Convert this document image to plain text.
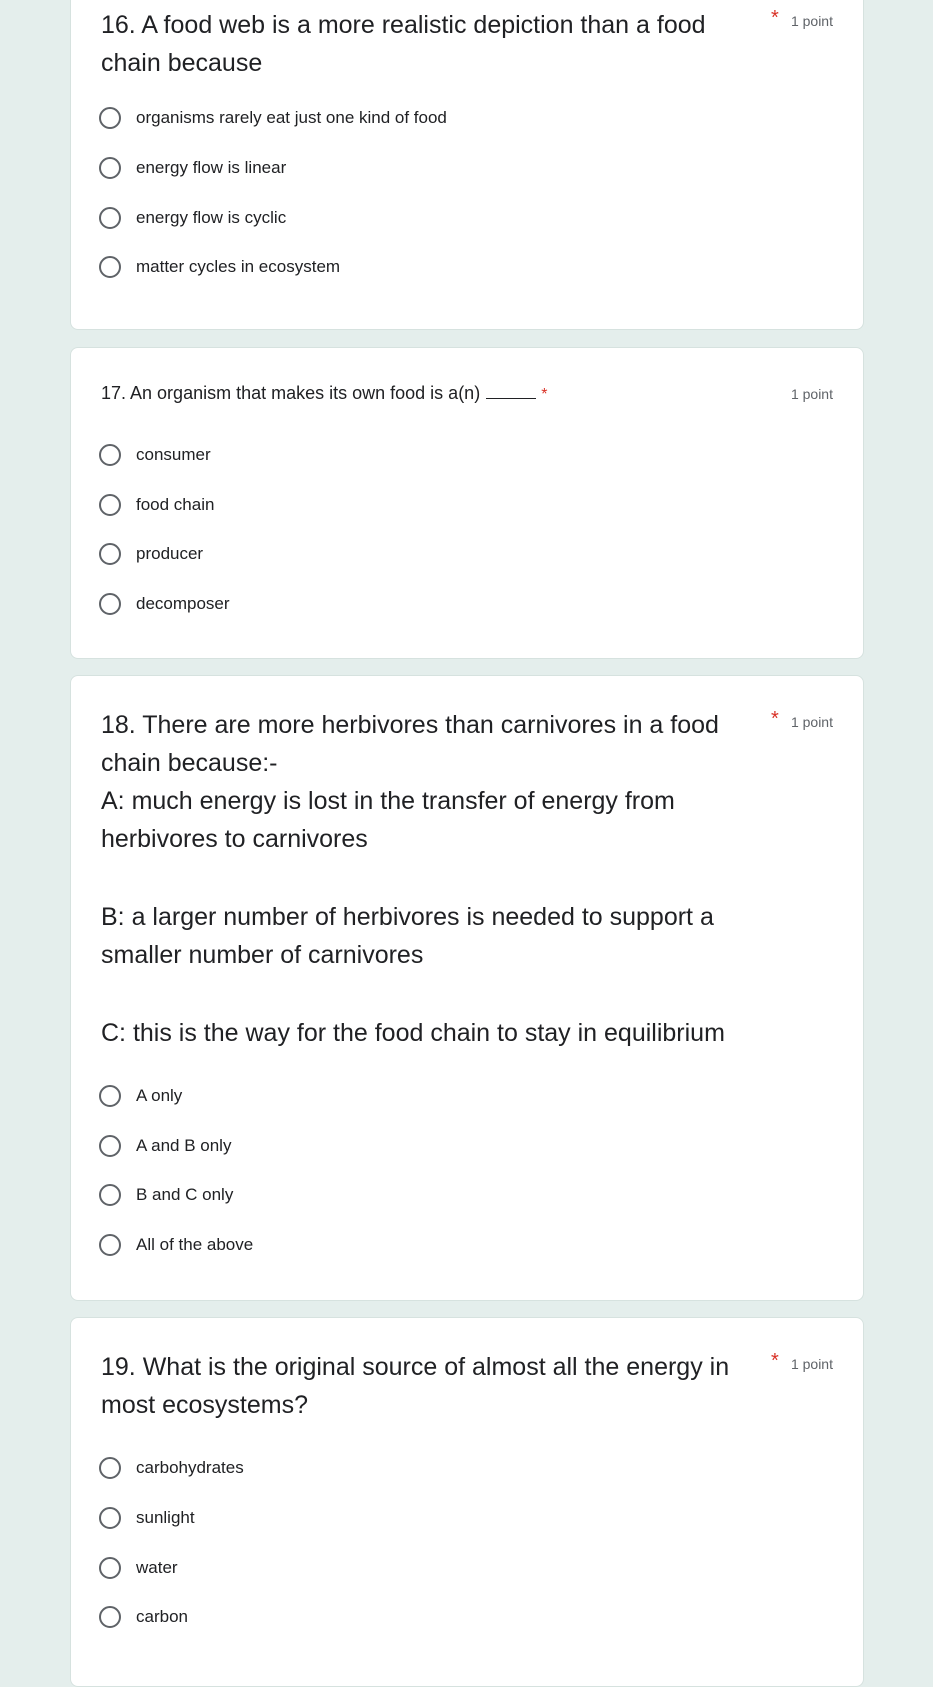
16. A food web is a more realistic depiction than a food
chain because
* 1 point
organisms rarely eat just one kind of food
energy flow is linear
energy flow is cyclic
matter cycles in ecosystem
17. An organism that makes its own food is a(n)	*	1 point
consumer
food chain
producer
decomposer
18. There are more herbivores than carnivores in a food
chain because:-
* 1 point
A: much energy is lost in the transfer of energy from
herbivores to carnivores
B: a larger number of herbivores is needed to support a
smaller number of carnivores
C: this is the way for the food chain to stay in equilibrium
A only
A and B only
B and C only
All of the above
19. What is the original source of almost all the energy in
most ecosystems?
* 1 point
carbohydrates
sunlight
water
carbon
